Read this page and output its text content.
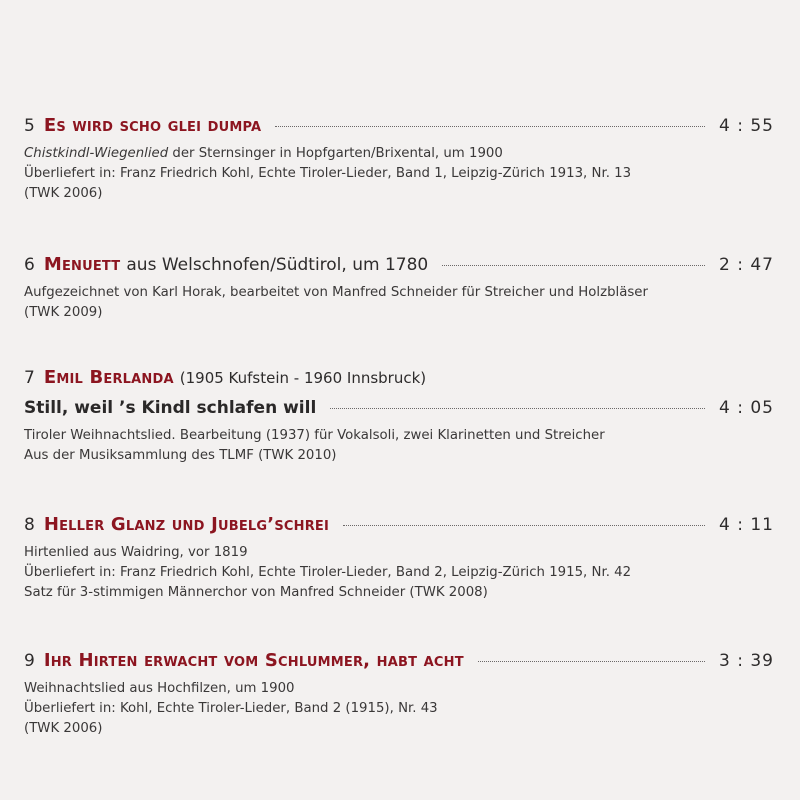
5 Es wird scho glei dumpa	4 : 55
Chistkindl-Wiegenlied der Sternsinger in Hopfgarten/Brixental, um 1900
Überliefert in: Franz Friedrich Kohl, Echte Tiroler-Lieder, Band 1, Leipzig-Zürich 1913, Nr. 13
(TWK 2006)
6 Menuett aus Welschnofen/Südtirol, um 1780	2 : 47
Aufgezeichnet von Karl Horak, bearbeitet von Manfred Schneider für Streicher und Holzbläser
(TWK 2009)
7 Emil Berlanda (1905 Kufstein - 1960 Innsbruck)
Still, weil ’s Kindl schlafen will	4 : 05
Tiroler Weihnachtslied. Bearbeitung (1937) für Vokalsoli, zwei Klarinetten und Streicher
Aus der Musiksammlung des TLMF (TWK 2010)
8 Heller Glanz und Jubelg’schrei	4 : 11
Hirtenlied aus Waidring, vor 1819
Überliefert in: Franz Friedrich Kohl, Echte Tiroler-Lieder, Band 2, Leipzig-Zürich 1915, Nr. 42
Satz für 3-stimmigen Männerchor von Manfred Schneider (TWK 2008)
9 Ihr Hirten erwacht vom Schlummer, habt acht	3 : 39
Weihnachtslied aus Hochfilzen, um 1900
Überliefert in: Kohl, Echte Tiroler-Lieder, Band 2 (1915), Nr. 43
(TWK 2006)
